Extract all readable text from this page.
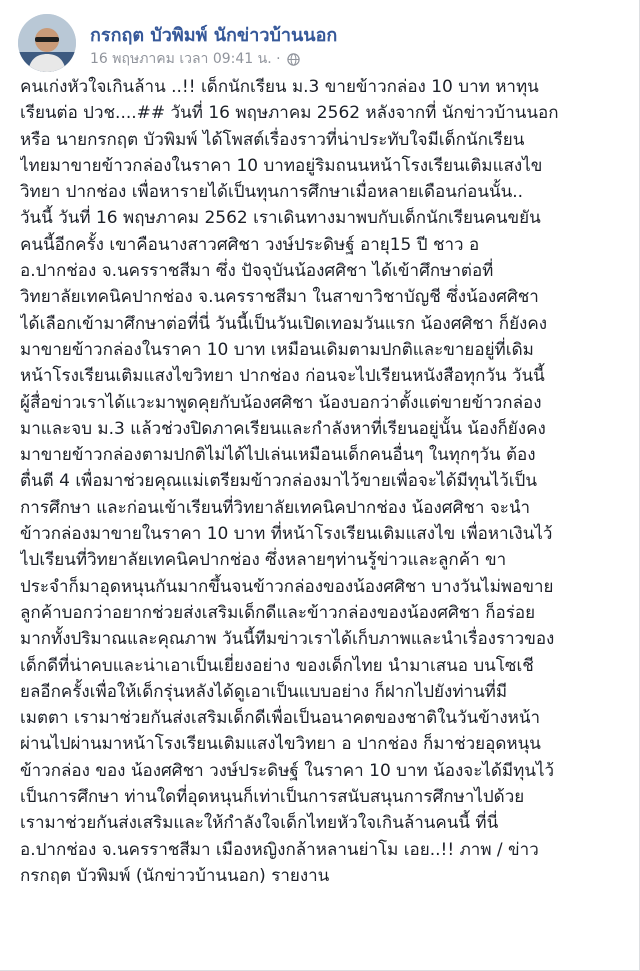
กรกฤต บัวพิมพ์ นักข่าวบ้านนอก
16 พฤษภาคม เวลา 09:41 น. ·
คนเก่งหัวใจเกินล้าน ..!! เด็กนักเรียน ม.3 ขายข้าวกล่อง 10 บาท หาทุน
เรียนต่อ ปวช....## วันที่ 16 พฤษภาคม 2562 หลังจากที่ นักข่าวบ้านนอก
หรือ นายกรกฤต บัวพิมพ์ ได้โพสต์เรื่องราวที่น่าประทับใจมีเด็กนักเรียน
ไทยมาขายข้าวกล่องในราคา 10 บาทอยู่ริมถนนหน้าโรงเรียนเติมแสงไข
วิทยา ปากช่อง เพื่อหารายได้เป็นทุนการศึกษาเมื่อหลายเดือนก่อนนั้น..
วันนี้ วันที่ 16 พฤษภาคม 2562 เราเดินทางมาพบกับเด็กนักเรียนคนขยัน
คนนี้อีกครั้ง เขาคือนางสาวศศิชา วงษ์ประดิษฐ์ อายุ15 ปี ชาว อ
อ.ปากช่อง จ.นครราชสีมา ซึ่ง ปัจจุบันน้องศศิชา ได้เข้าศึกษาต่อที่
วิทยาลัยเทคนิคปากช่อง จ.นครราชสีมา ในสาขาวิชาบัญชี ซึ่งน้องศศิชา
ได้เลือกเข้ามาศึกษาต่อที่นี่ วันนี้เป็นวันเปิดเทอมวันแรก น้องศศิชา ก็ยังคง
มาขายข้าวกล่องในราคา 10 บาท เหมือนเดิมตามปกติและขายอยู่ที่เดิม
หน้าโรงเรียนเติมแสงไขวิทยา ปากช่อง ก่อนจะไปเรียนหนังสือทุกวัน วันนี้
ผู้สื่อข่าวเราได้แวะมาพูดคุยกับน้องศศิชา น้องบอกว่าตั้งแต่ขายข้าวกล่อง
มาและจบ ม.3 แล้วช่วงปิดภาคเรียนและกำลังหาที่เรียนอยู่นั้น น้องก็ยังคง
มาขายข้าวกล่องตามปกติไม่ได้ไปเล่นเหมือนเด็กคนอื่นๆ ในทุกๆวัน ต้อง
ตื่นตี 4 เพื่อมาช่วยคุณแม่เตรียมข้าวกล่องมาไว้ขายเพื่อจะได้มีทุนไว้เป็น
การศึกษา และก่อนเข้าเรียนที่วิทยาลัยเทคนิคปากช่อง น้องศศิชา จะนำ
ข้าวกล่องมาขายในราคา 10 บาท ที่หน้าโรงเรียนเติมแสงไข เพื่อหาเงินไว้
ไปเรียนที่วิทยาลัยเทคนิคปากช่อง ซึ่งหลายๆท่านรู้ข่าวและลูกค้า ขา
ประจำก็มาอุดหนุนกันมากขึ้นจนข้าวกล่องของน้องศศิชา บางวันไม่พอขาย
ลูกค้าบอกว่าอยากช่วยส่งเสริมเด็กดีและข้าวกล่องของน้องศศิชา ก็อร่อย
มากทั้งปริมาณและคุณภาพ วันนี้ทีมข่าวเราได้เก็บภาพและนำเรื่องราวของ
เด็กดีที่น่าคบและน่าเอาเป็นเยี่ยงอย่าง ของเด็กไทย นำมาเสนอ บนโซเชี
ยลอีกครั้งเพื่อให้เด็กรุ่นหลังได้ดูเอาเป็นแบบอย่าง ก็ฝากไปยังท่านที่มี
เมตตา เรามาช่วยกันส่งเสริมเด็กดีเพื่อเป็นอนาคตของชาติในวันข้างหน้า
ผ่านไปผ่านมาหน้าโรงเรียนเติมแสงไขวิทยา อ ปากช่อง ก็มาช่วยอุดหนุน
ข้าวกล่อง ของ น้องศศิชา วงษ์ประดิษฐ์ ในราคา 10 บาท น้องจะได้มีทุนไว้
เป็นการศึกษา ท่านใดที่อุดหนุนก็เท่าเป็นการสนับสนุนการศึกษาไปด้วย
เรามาช่วยกันส่งเสริมและให้กำลังใจเด็กไทยหัวใจเกินล้านคนนี้ ที่นี่
อ.ปากช่อง จ.นครราชสีมา เมืองหญิงกล้าหลานย่าโม เอย..!! ภาพ / ข่าว
กรกฤต บัวพิมพ์ (นักข่าวบ้านนอก) รายงาน
